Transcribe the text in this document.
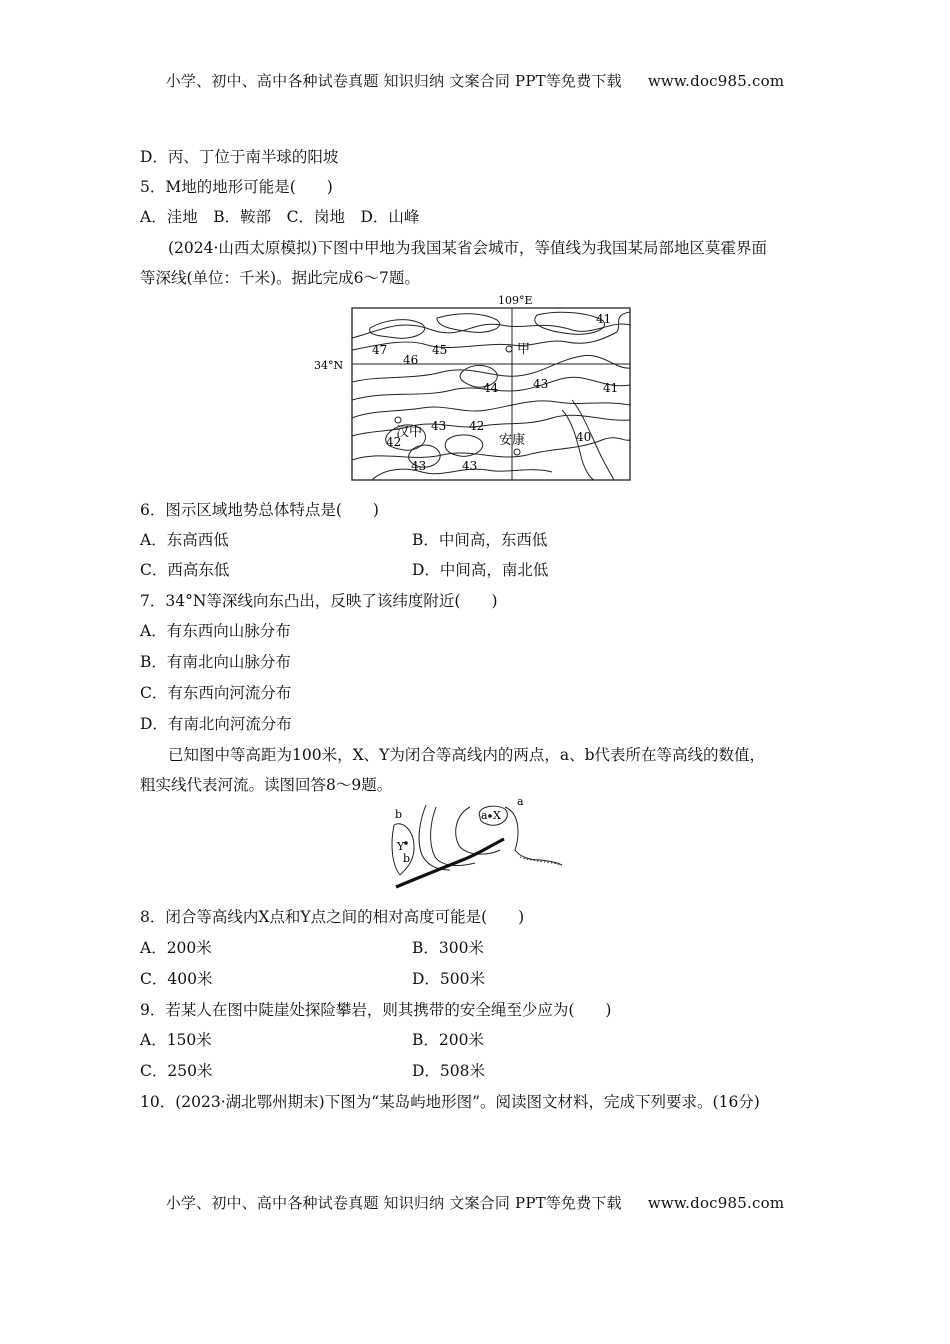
小学、初中、高中各种试卷真题 知识归纳 文案合同 PPT等免费下载 www.doc985.com
D．丙、丁位于南半球的阳坡
5．M地的地形可能是(　　)
A．洼地　B．鞍部　C．岗地　D．山峰
(2024·山西太原模拟)下图中甲地为我国某省会城市，等值线为我国某局部地区莫霍界面
等深线(单位：千米)。据此完成6～7题。
109°E
34°N
甲
汉中
安康
41
47	45
46
43
44	41
43 42
42	40
43	43
6．图示区域地势总体特点是(　　)
A．东高西低	B．中间高，东西低
C．西高东低	D．中间高，南北低
7．34°N等深线向东凸出，反映了该纬度附近(　　)
A．有东西向山脉分布
B．有南北向山脉分布
C．有东西向河流分布
D．有南北向河流分布
已知图中等高距为100米，X、Y为闭合等高线内的两点，a、b代表所在等高线的数值，
粗实线代表河流。读图回答8～9题。
b
Y
b
a X
a
8．闭合等高线内X点和Y点之间的相对高度可能是(　　)
A．200米	B．300米
C．400米	D．500米
9．若某人在图中陡崖处探险攀岩，则其携带的安全绳至少应为(　　)
A．150米	B．200米
C．250米	D．508米
10．(2023·湖北鄂州期末)下图为“某岛屿地形图”。阅读图文材料，完成下列要求。(16分)
小学、初中、高中各种试卷真题 知识归纳 文案合同 PPT等免费下载 www.doc985.com
